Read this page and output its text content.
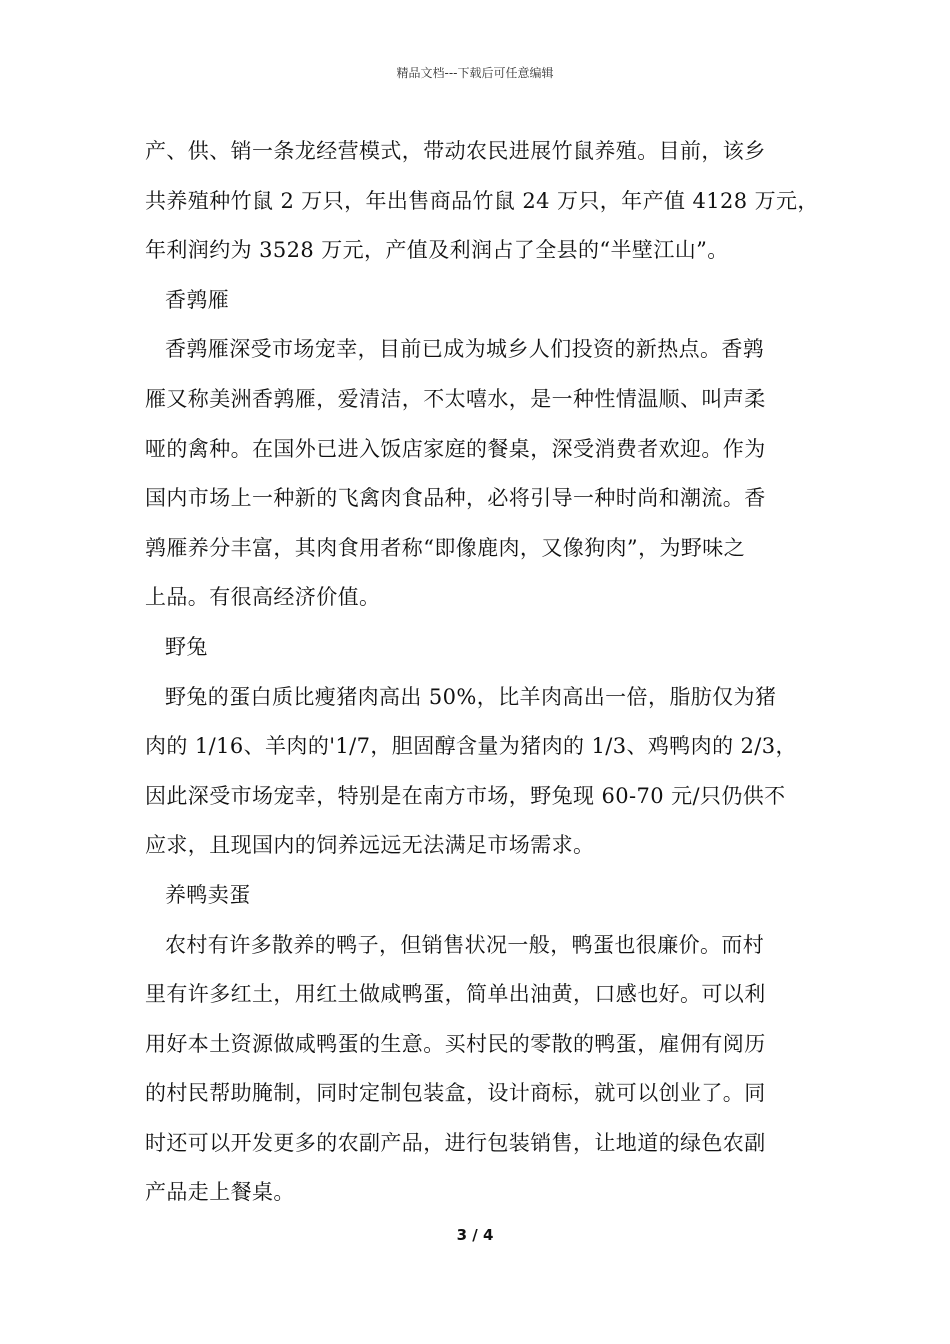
精品文档---下载后可任意编辑
产、供、销一条龙经营模式，带动农民进展竹鼠养殖。目前，该乡
共养殖种竹鼠 2 万只，年出售商品竹鼠 24 万只，年产值 4128 万元，
年利润约为 3528 万元，产值及利润占了全县的“半壁江山”。
香鹑雁
香鹑雁深受市场宠幸，目前已成为城乡人们投资的新热点。香鹑
雁又称美洲香鹑雁，爱清洁，不太嘻水，是一种性情温顺、叫声柔
哑的禽种。在国外已进入饭店家庭的餐桌，深受消费者欢迎。作为
国内市场上一种新的飞禽肉食品种，必将引导一种时尚和潮流。香
鹑雁养分丰富，其肉食用者称“即像鹿肉，又像狗肉”，为野味之
上品。有很高经济价值。
野兔
野兔的蛋白质比瘦猪肉高出 50%，比羊肉高出一倍，脂肪仅为猪
肉的 1/16、羊肉的'1/7，胆固醇含量为猪肉的 1/3、鸡鸭肉的 2/3，
因此深受市场宠幸，特别是在南方市场，野兔现 60-70 元/只仍供不
应求，且现国内的饲养远远无法满足市场需求。
养鸭卖蛋
农村有许多散养的鸭子，但销售状况一般，鸭蛋也很廉价。而村
里有许多红土，用红土做咸鸭蛋，简单出油黄，口感也好。可以利
用好本土资源做咸鸭蛋的生意。买村民的零散的鸭蛋，雇佣有阅历
的村民帮助腌制，同时定制包装盒，设计商标，就可以创业了。同
时还可以开发更多的农副产品，进行包装销售，让地道的绿色农副
产品走上餐桌。
3 / 4
